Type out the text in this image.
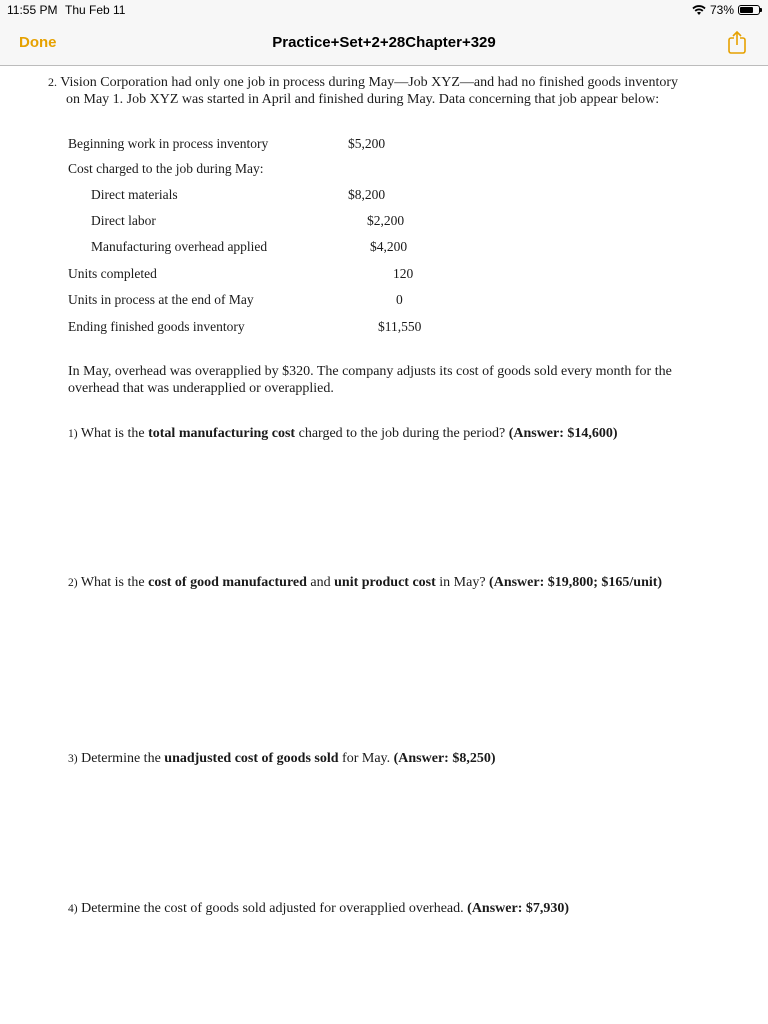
11:55 PM Thu Feb 11	73%
Done	Practice+Set+2+28Chapter+329
2. Vision Corporation had only one job in process during May—Job XYZ—and had no finished goods inventory
on May 1. Job XYZ was started in April and finished during May. Data concerning that job appear below:
Beginning work in process inventory	$5,200
Cost charged to the job during May:
Direct materials	$8,200
Direct labor	$2,200
Manufacturing overhead applied	$4,200
Units completed	120
Units in process at the end of May	0
Ending finished goods inventory	$11,550
In May, overhead was overapplied by $320. The company adjusts its cost of goods sold every month for the
overhead that was underapplied or overapplied.
1) What is the total manufacturing cost charged to the job during the period? (Answer: $14,600)
2) What is the cost of good manufactured and unit product cost in May? (Answer: $19,800; $165/unit)
3) Determine the unadjusted cost of goods sold for May. (Answer: $8,250)
4) Determine the cost of goods sold adjusted for overapplied overhead. (Answer: $7,930)
